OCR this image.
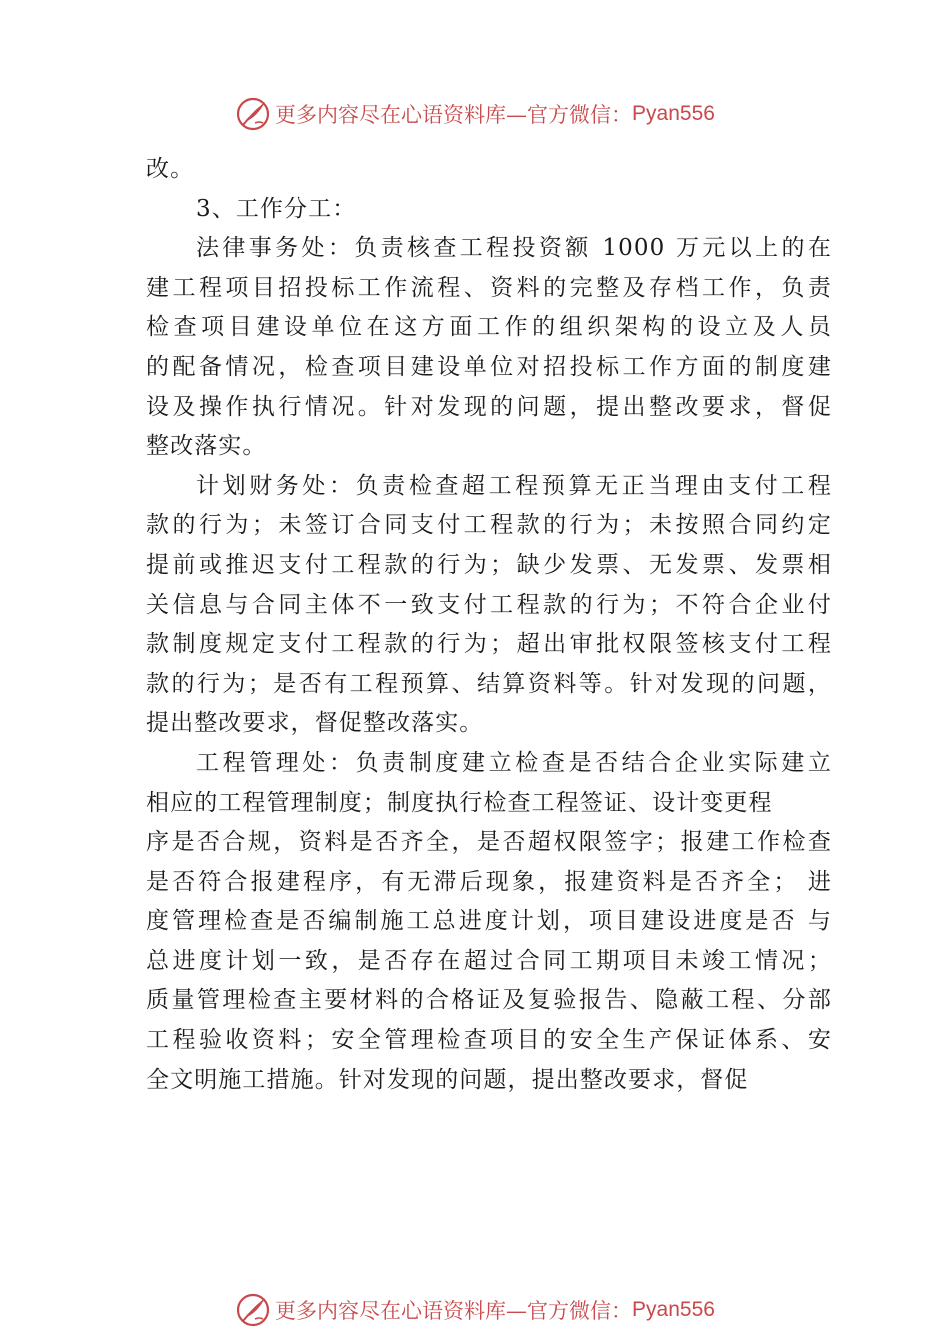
更多内容尽在心语资料库—官方微信： Pyan556
改。
3、工作分工：
法律事务处：负责核查工程投资额 1000 万元以上的在
建工程项目招投标工作流程、资料的完整及存档工作，负责
检查项目建设单位在这方面工作的组织架构的设立及人员
的配备情况，检查项目建设单位对招投标工作方面的制度建
设及操作执行情况。针对发现的问题，提出整改要求，督促
整改落实。
计划财务处：负责检查超工程预算无正当理由支付工程
款的行为；未签订合同支付工程款的行为；未按照合同约定
提前或推迟支付工程款的行为；缺少发票、无发票、发票相
关信息与合同主体不一致支付工程款的行为；不符合企业付
款制度规定支付工程款的行为；超出审批权限签核支付工程
款的行为；是否有工程预算、结算资料等。针对发现的问题，
提出整改要求，督促整改落实。
工程管理处：负责制度建立检查是否结合企业实际建立
相应的工程管理制度；制度执行检查工程签证、设计变更程
序是否合规，资料是否齐全，是否超权限签字；报建工作检查
是否符合报建程序，有无滞后现象，报建资料是否齐全； 进
度管理检查是否编制施工总进度计划，项目建设进度是否 与
总进度计划一致，是否存在超过合同工期项目未竣工情况；
质量管理检查主要材料的合格证及复验报告、隐蔽工程、分部
工程验收资料；安全管理检查项目的安全生产保证体系、安
全文明施工措施。针对发现的问题，提出整改要求，督促
更多内容尽在心语资料库—官方微信： Pyan556
